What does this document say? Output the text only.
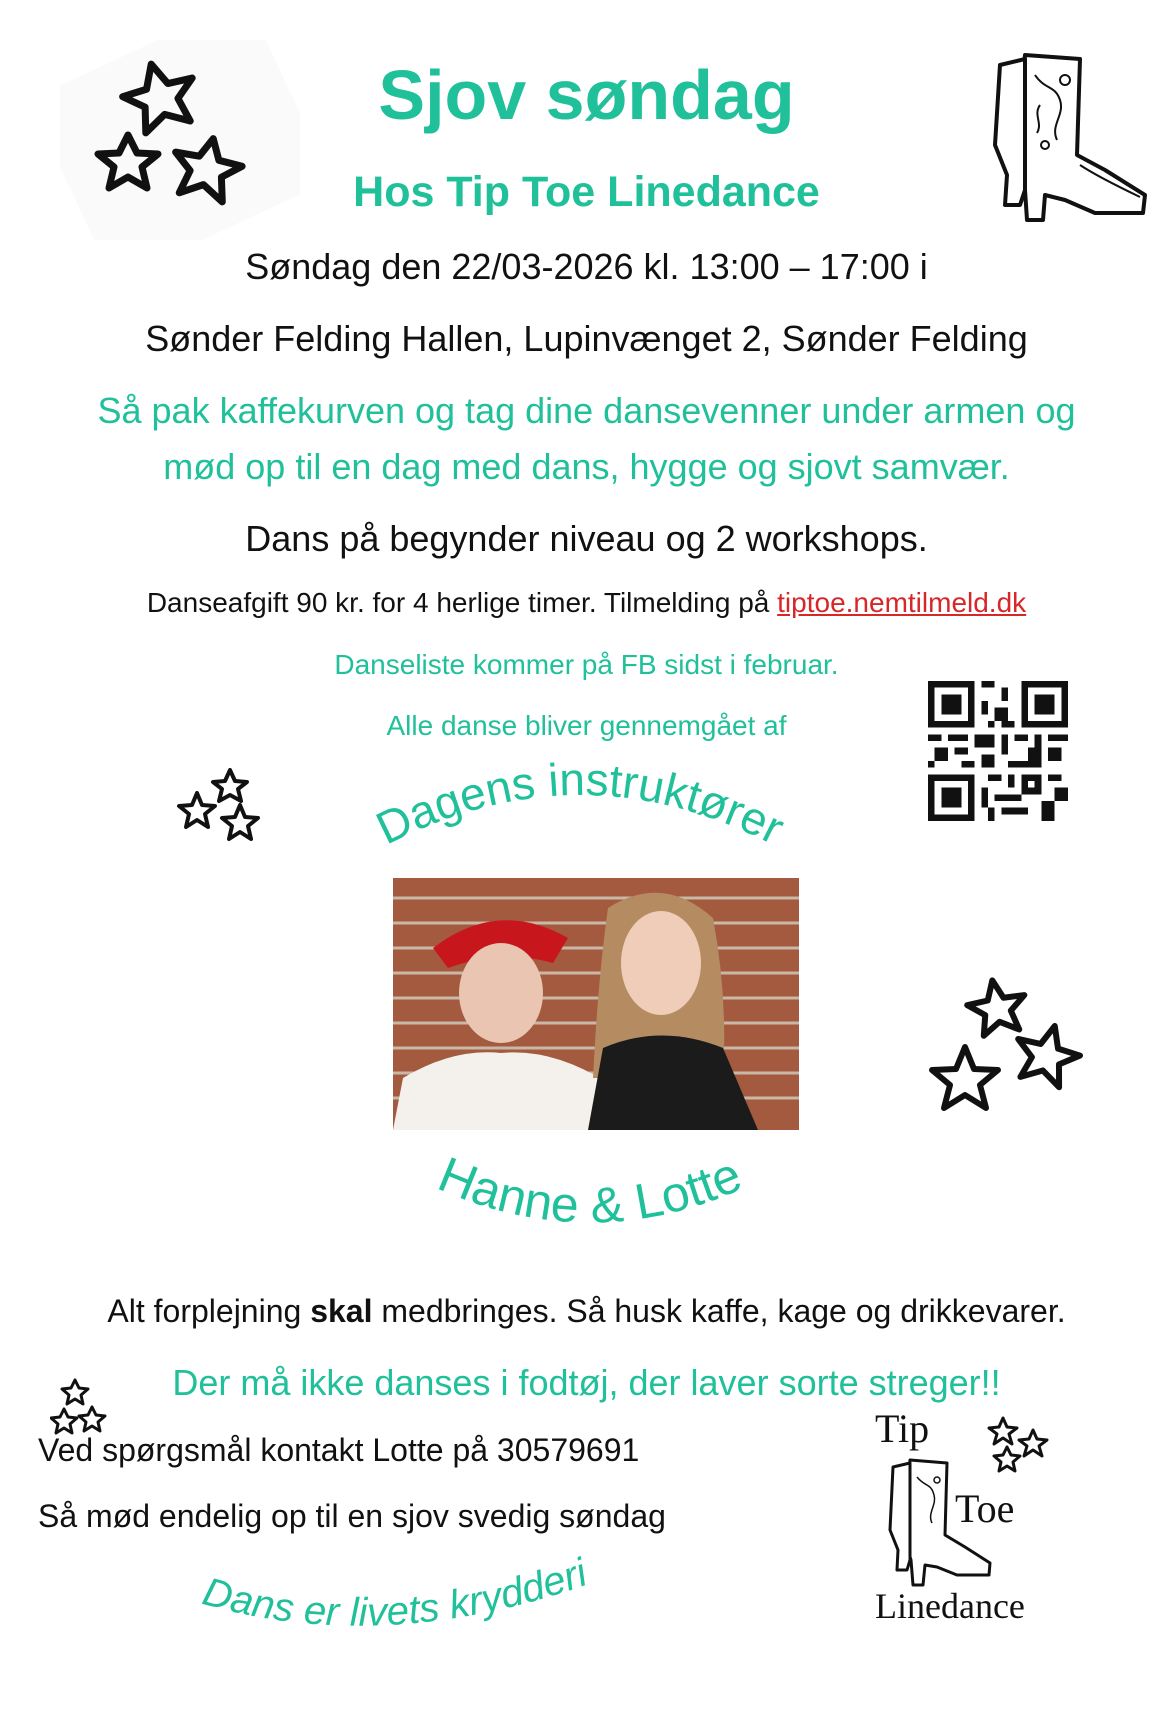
Sjov søndag
Hos Tip Toe Linedance
Søndag den 22/03-2026 kl. 13:00 – 17:00 i
Sønder Felding Hallen, Lupinvænget 2, Sønder Felding
Så pak kaffekurven og tag dine dansevenner under armen og
mød op til en dag med dans, hygge og sjovt samvær.
Dans på begynder niveau og 2 workshops.
Danseafgift 90 kr. for 4 herlige timer. Tilmelding på tiptoe.nemtilmeld.dk
Danseliste kommer på FB sidst i februar.
Alle danse bliver gennemgået af
Dagens instruktører
Hanne & Lotte
Alt forplejning skal medbringes. Så husk kaffe, kage og drikkevarer.
Der må ikke danses i fodtøj, der laver sorte streger!!
Ved spørgsmål kontakt Lotte på 30579691
Så mød endelig op til en sjov svedig søndag
Dans er livets krydderi
Tip
Toe
Linedance
